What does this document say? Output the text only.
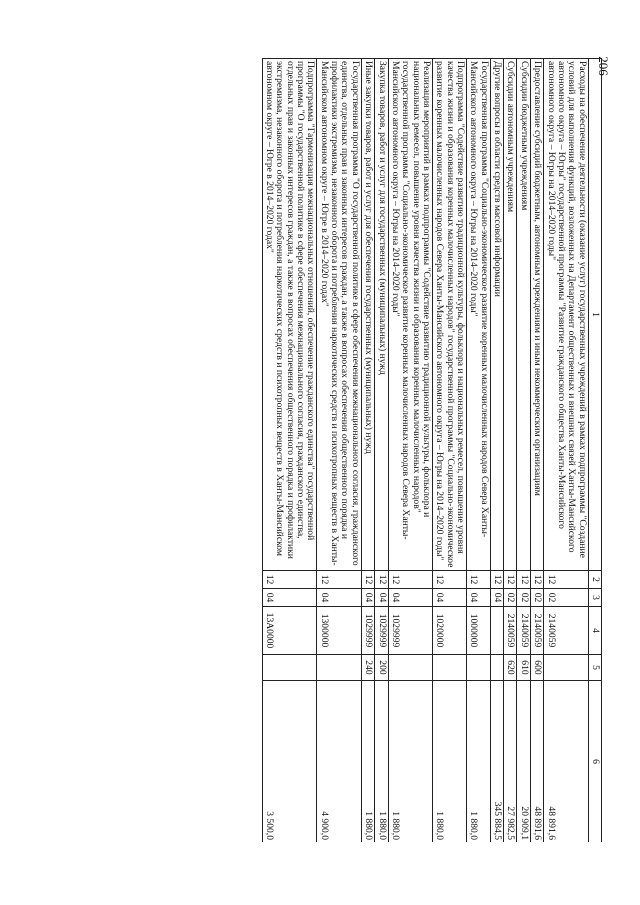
206
1	2	3	4	5	6
Расходы на обеспечение деятельности (оказание услуг) государственных учреждений в рамках подпрограммы "Создание условий для выполнения функций, возложенных на Департамент общественных и внешних связей Ханты-Мансийского автономного округа – Югры" государственной программы "Развитие гражданского общества Ханты-Мансийского автономного округа – Югры на 2014–2020 годы"	12	02	2140059		48 891,6
Предоставление субсидий бюджетным, автономным учреждениям и иным некоммерческим организациям	12	02	2140059	600	48 891,6
Субсидии бюджетным учреждениям	12	02	2140059	610	20 909,1
Субсидии автономным учреждениям	12	02	2140059	620	27 982,5
Другие вопросы в области средств массовой информации	12	04			345 884,5
Государственная программа "Социально-экономическое развитие коренных малочисленных народов Севера Ханты-Мансийского автономного округа – Югры на 2014–2020 годы"	12	04	1000000		1 880,0
Подпрограмма "Содействие развитию традиционной культуры, фольклора и национальных ремесел, повышение уровня качества жизни и образования коренных малочисленных народов" государственной программы "Социально-экономическое развитие коренных малочисленных народов Севера Ханты-Мансийского автономного округа – Югры на 2014–2020 годы"	12	04	1020000		1 880,0
Реализация мероприятий в рамках подпрограммы "Содействие развитию традиционной культуры, фольклора и национальных ремесел, повышение уровня качества жизни и образования коренных малочисленных народов" государственной программы "Социально-экономическое развитие коренных малочисленных народов Севера Ханты-Мансийского автономного округа – Югры на 2014–2020 годы"	12	04	1029999		1 880,0
Закупка товаров, работ и услуг для государственных (муниципальных) нужд	12	04	1029999	200	1 880,0
Иные закупки товаров, работ и услуг для обеспечения государственных (муниципальных) нужд	12	04	1029999	240	1 880,0
Государственная программа "О государственной политике в сфере обеспечения межнационального согласия, гражданского единства, отдельных прав и законных интересов граждан, а также в вопросах обеспечения общественного порядка и профилактики экстремизма, незаконного оборота и потребления наркотических средств и психотропных веществ в Ханты-Мансийском автономном округе – Югре в 2014–2020 годах"	12	04	1300000		4 900,0
Подпрограмма "Гармонизация межнациональных отношений, обеспечение гражданского единства" государственной программы "О государственной политике в сфере обеспечения межнационального согласия, гражданского единства, отдельных прав и законных интересов граждан, а также в вопросах обеспечения общественного порядка и профилактики экстремизма, незаконного оборота и потребления наркотических средств и психотропных веществ в Ханты-Мансийском автономном округе – Югре в 2014–2020 годах"	12	04	13А0000		3 500,0
